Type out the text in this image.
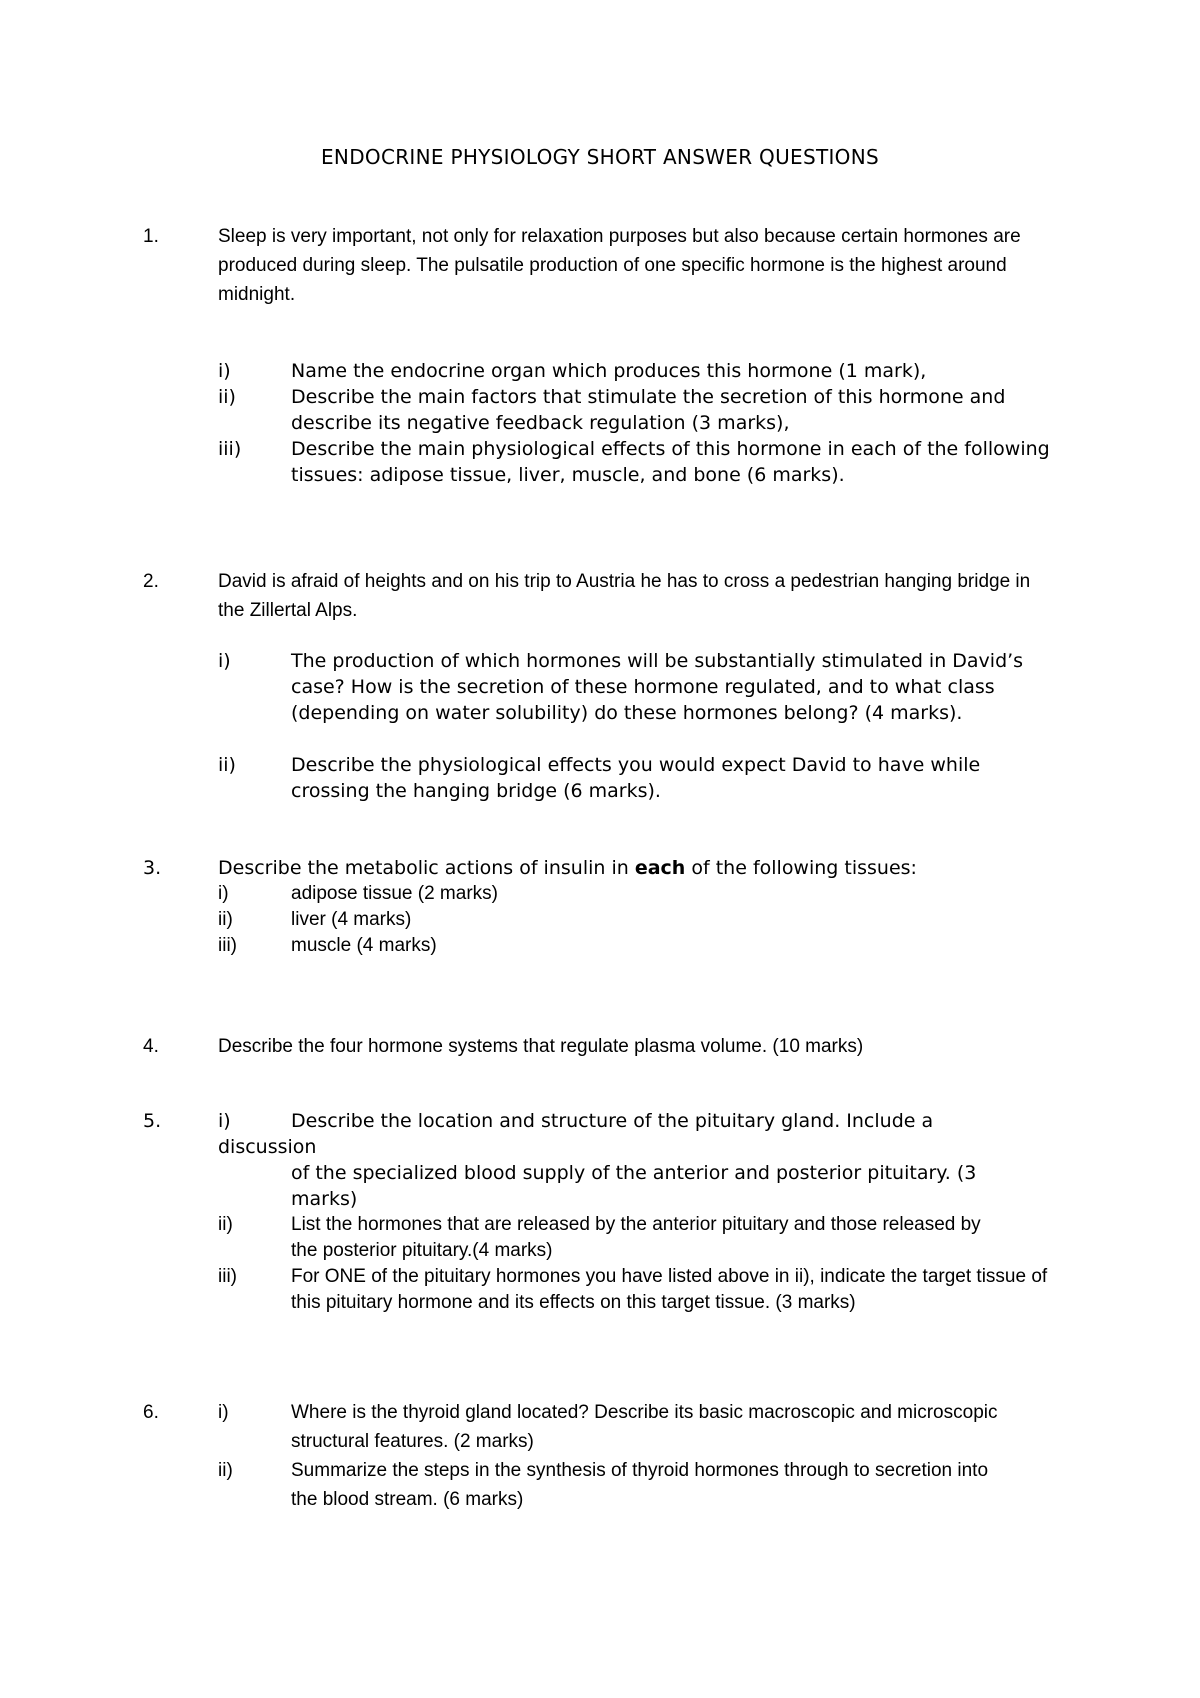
ENDOCRINE PHYSIOLOGY SHORT ANSWER QUESTIONS
1.	Sleep is very important, not only for relaxation purposes but also because certain hormones are produced during sleep. The pulsatile production of one specific hormone is the highest around midnight.
i)	Name the endocrine organ which produces this hormone (1 mark),
ii)	Describe the main factors that stimulate the secretion of this hormone and describe its negative feedback regulation (3 marks),
iii)	Describe the main physiological effects of this hormone in each of the following tissues: adipose tissue, liver, muscle, and bone (6 marks).
2.	David is afraid of heights and on his trip to Austria he has to cross a pedestrian hanging bridge in the Zillertal Alps.
i)	The production of which hormones will be substantially stimulated in David’s case? How is the secretion of these hormone regulated, and to what class (depending on water solubility) do these hormones belong? (4 marks).
ii)	Describe the physiological effects you would expect David to have while crossing the hanging bridge (6 marks).
3.	Describe the metabolic actions of insulin in each of the following tissues:
i)	adipose tissue (2 marks)
ii)	liver (4 marks)
iii)	muscle (4 marks)
4.	Describe the four hormone systems that regulate plasma volume. (10 marks)
5.	i)	Describe the location and structure of the pituitary gland. Include a
discussion
of the specialized blood supply of the anterior and posterior pituitary. (3 marks)
ii)	List the hormones that are released by the anterior pituitary and those released by the posterior pituitary.(4 marks)
iii)	For ONE of the pituitary hormones you have listed above in ii), indicate the target tissue of this pituitary hormone and its effects on this target tissue. (3 marks)
6.	i)	Where is the thyroid gland located? Describe its basic macroscopic and microscopic structural features. (2 marks)
ii)	Summarize the steps in the synthesis of thyroid hormones through to secretion into the blood stream. (6 marks)
